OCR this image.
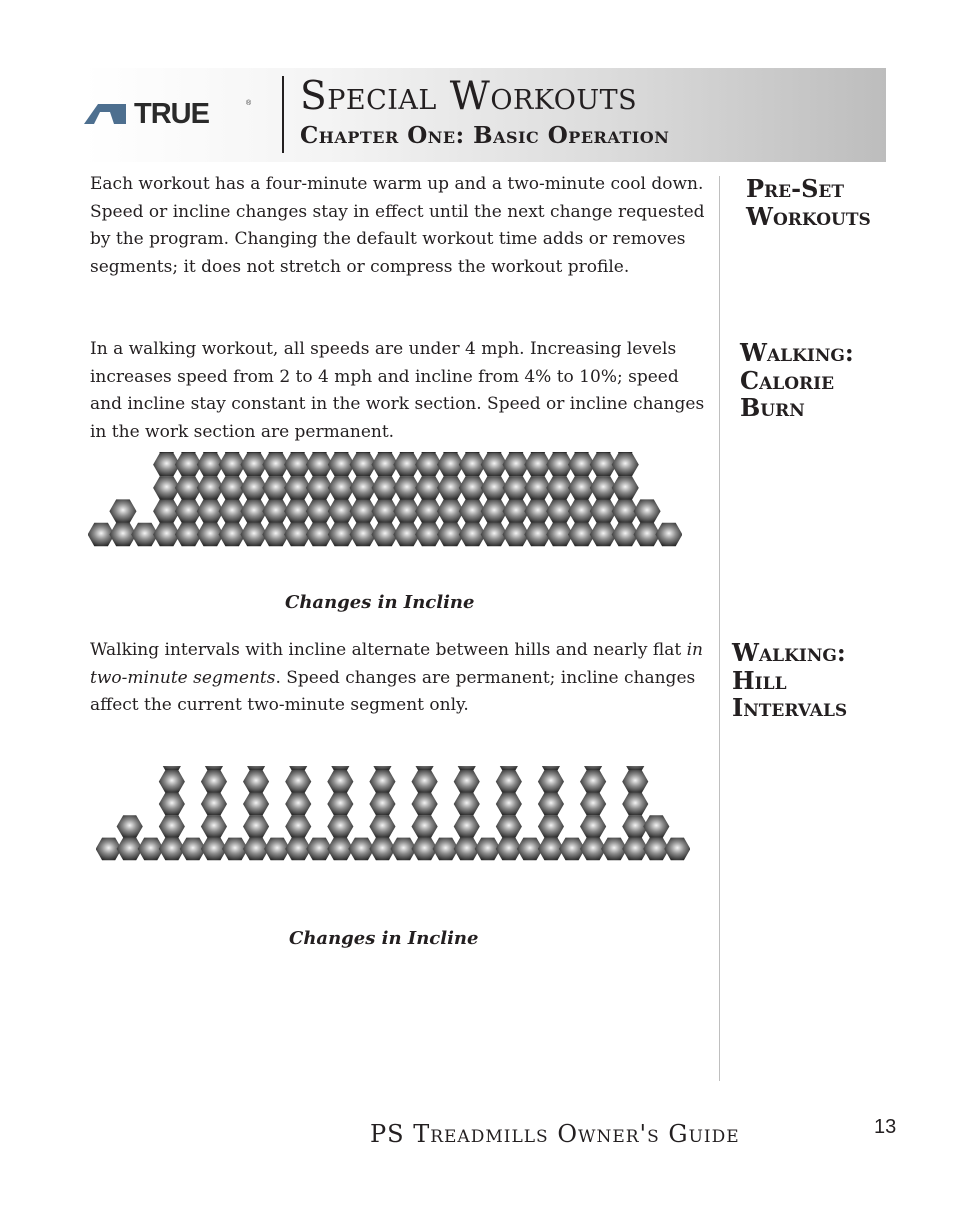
TRUE	® Special Workouts
Chapter One: Basic Operation

Each workout has a four-minute warm up and a two-minute cool down. Speed or incline changes stay in effect until the next change requested by the program. Changing the default workout time adds or removes segments; it does not stretch or compress the workout profile.

Pre-Set
Workouts

In a walking workout, all speeds are under 4 mph. Increasing levels increases speed from 2 to 4 mph and incline from 4% to 10%; speed and incline stay constant in the work section. Speed or incline changes in the work section are permanent.

Walking:
Calorie
Burn

Changes in Incline

Walking intervals with incline alternate between hills and nearly flat in two-minute segments. Speed changes are permanent; incline changes affect the current two-minute segment only.

Walking:
Hill
Intervals

Changes in Incline

PS Treadmills Owner's Guide	13
